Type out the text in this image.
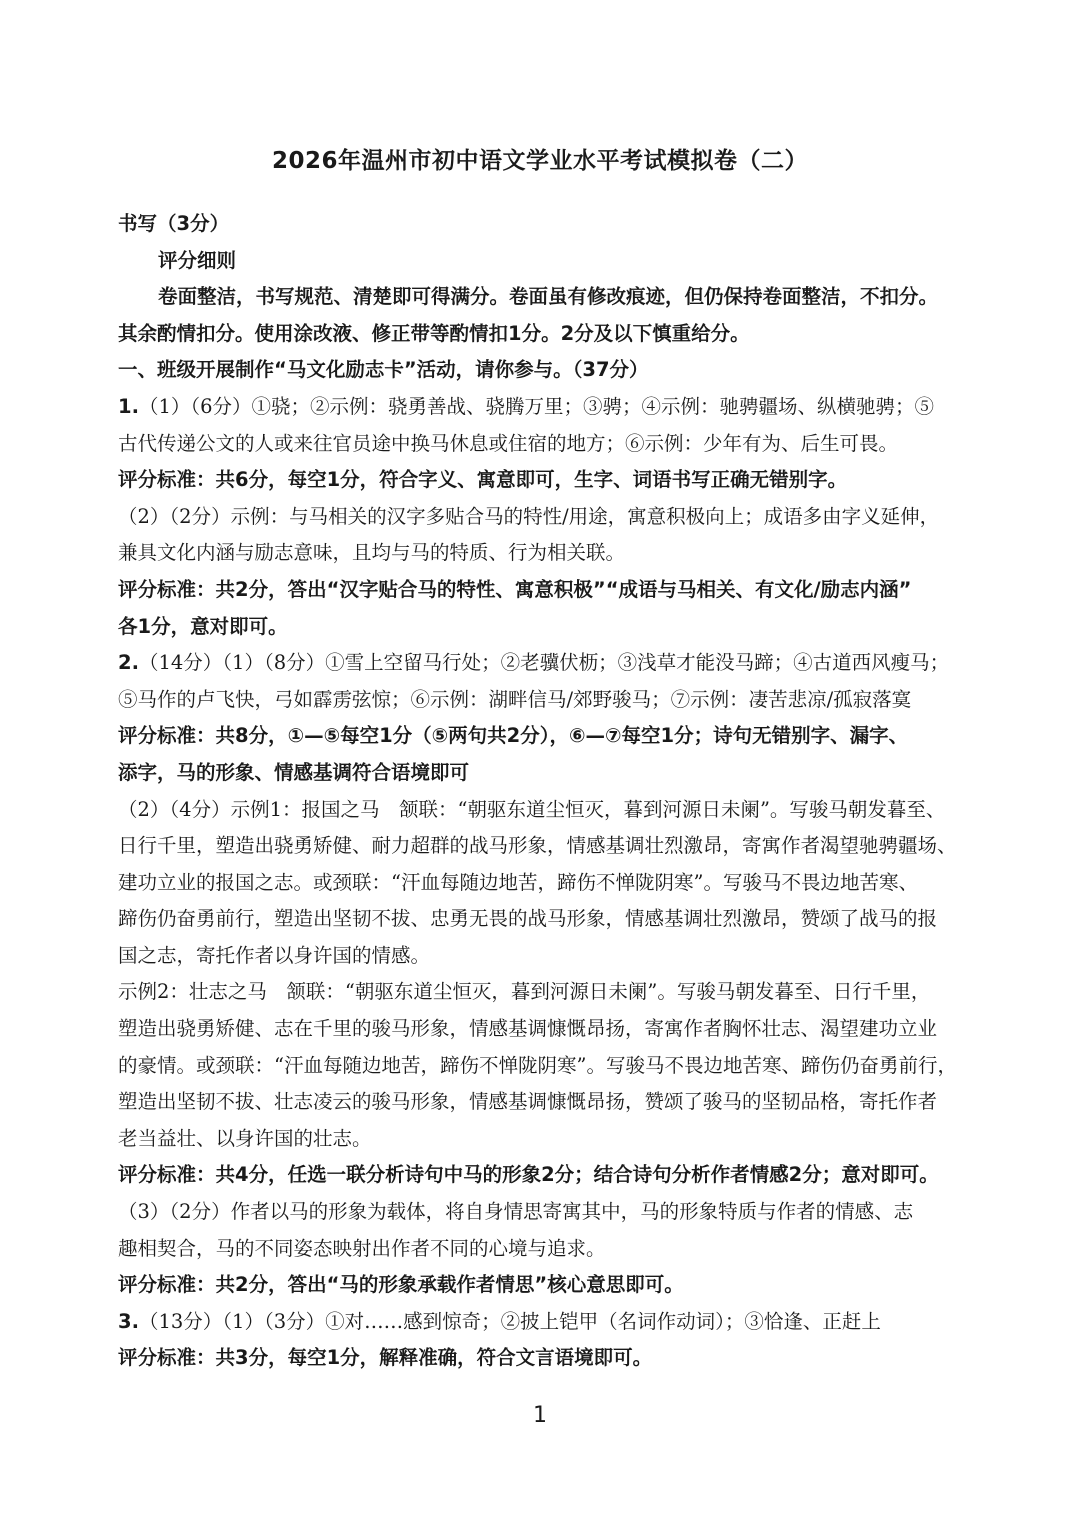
2026年温州市初中语文学业水平考试模拟卷（二）
书写（3分）
评分细则
卷面整洁，书写规范、清楚即可得满分。卷面虽有修改痕迹，但仍保持卷面整洁，不扣分。
其余酌情扣分。使用涂改液、修正带等酌情扣1分。2分及以下慎重给分。
一、班级开展制作“马文化励志卡”活动，请你参与。（37分）
1.（1）（6分）①骁；②示例：骁勇善战、骁腾万里；③骋；④示例：驰骋疆场、纵横驰骋；⑤
古代传递公文的人或来往官员途中换马休息或住宿的地方；⑥示例：少年有为、后生可畏。
评分标准：共6分，每空1分，符合字义、寓意即可，生字、词语书写正确无错别字。
（2）（2分）示例：与马相关的汉字多贴合马的特性/用途，寓意积极向上；成语多由字义延伸，
兼具文化内涵与励志意味，且均与马的特质、行为相关联。
评分标准：共2分，答出“汉字贴合马的特性、寓意积极”“成语与马相关、有文化/励志内涵”
各1分，意对即可。
2.（14分）（1）（8分）①雪上空留马行处；②老骥伏枥；③浅草才能没马蹄；④古道西风瘦马；
⑤马作的卢飞快，弓如霹雳弦惊；⑥示例：湖畔信马/郊野骏马；⑦示例：凄苦悲凉/孤寂落寞
评分标准：共8分，①—⑤每空1分（⑤两句共2分），⑥—⑦每空1分；诗句无错别字、漏字、
添字，马的形象、情感基调符合语境即可
（2）（4分）示例1：报国之马　颔联：“朝驱东道尘恒灭，暮到河源日未阑”。写骏马朝发暮至、
日行千里，塑造出骁勇矫健、耐力超群的战马形象，情感基调壮烈激昂，寄寓作者渴望驰骋疆场、
建功立业的报国之志。或颈联：“汗血每随边地苦，蹄伤不惮陇阴寒”。写骏马不畏边地苦寒、
蹄伤仍奋勇前行，塑造出坚韧不拔、忠勇无畏的战马形象，情感基调壮烈激昂，赞颂了战马的报
国之志，寄托作者以身许国的情感。
示例2：壮志之马　颔联：“朝驱东道尘恒灭，暮到河源日未阑”。写骏马朝发暮至、日行千里，
塑造出骁勇矫健、志在千里的骏马形象，情感基调慷慨昂扬，寄寓作者胸怀壮志、渴望建功立业
的豪情。或颈联：“汗血每随边地苦，蹄伤不惮陇阴寒”。写骏马不畏边地苦寒、蹄伤仍奋勇前行，
塑造出坚韧不拔、壮志凌云的骏马形象，情感基调慷慨昂扬，赞颂了骏马的坚韧品格，寄托作者
老当益壮、以身许国的壮志。
评分标准：共4分，任选一联分析诗句中马的形象2分；结合诗句分析作者情感2分；意对即可。
（3）（2分）作者以马的形象为载体，将自身情思寄寓其中，马的形象特质与作者的情感、志
趣相契合，马的不同姿态映射出作者不同的心境与追求。
评分标准：共2分，答出“马的形象承载作者情思”核心意思即可。
3.（13分）（1）（3分）①对……感到惊奇；②披上铠甲（名词作动词）；③恰逢、正赶上
评分标准：共3分，每空1分，解释准确，符合文言语境即可。
1
